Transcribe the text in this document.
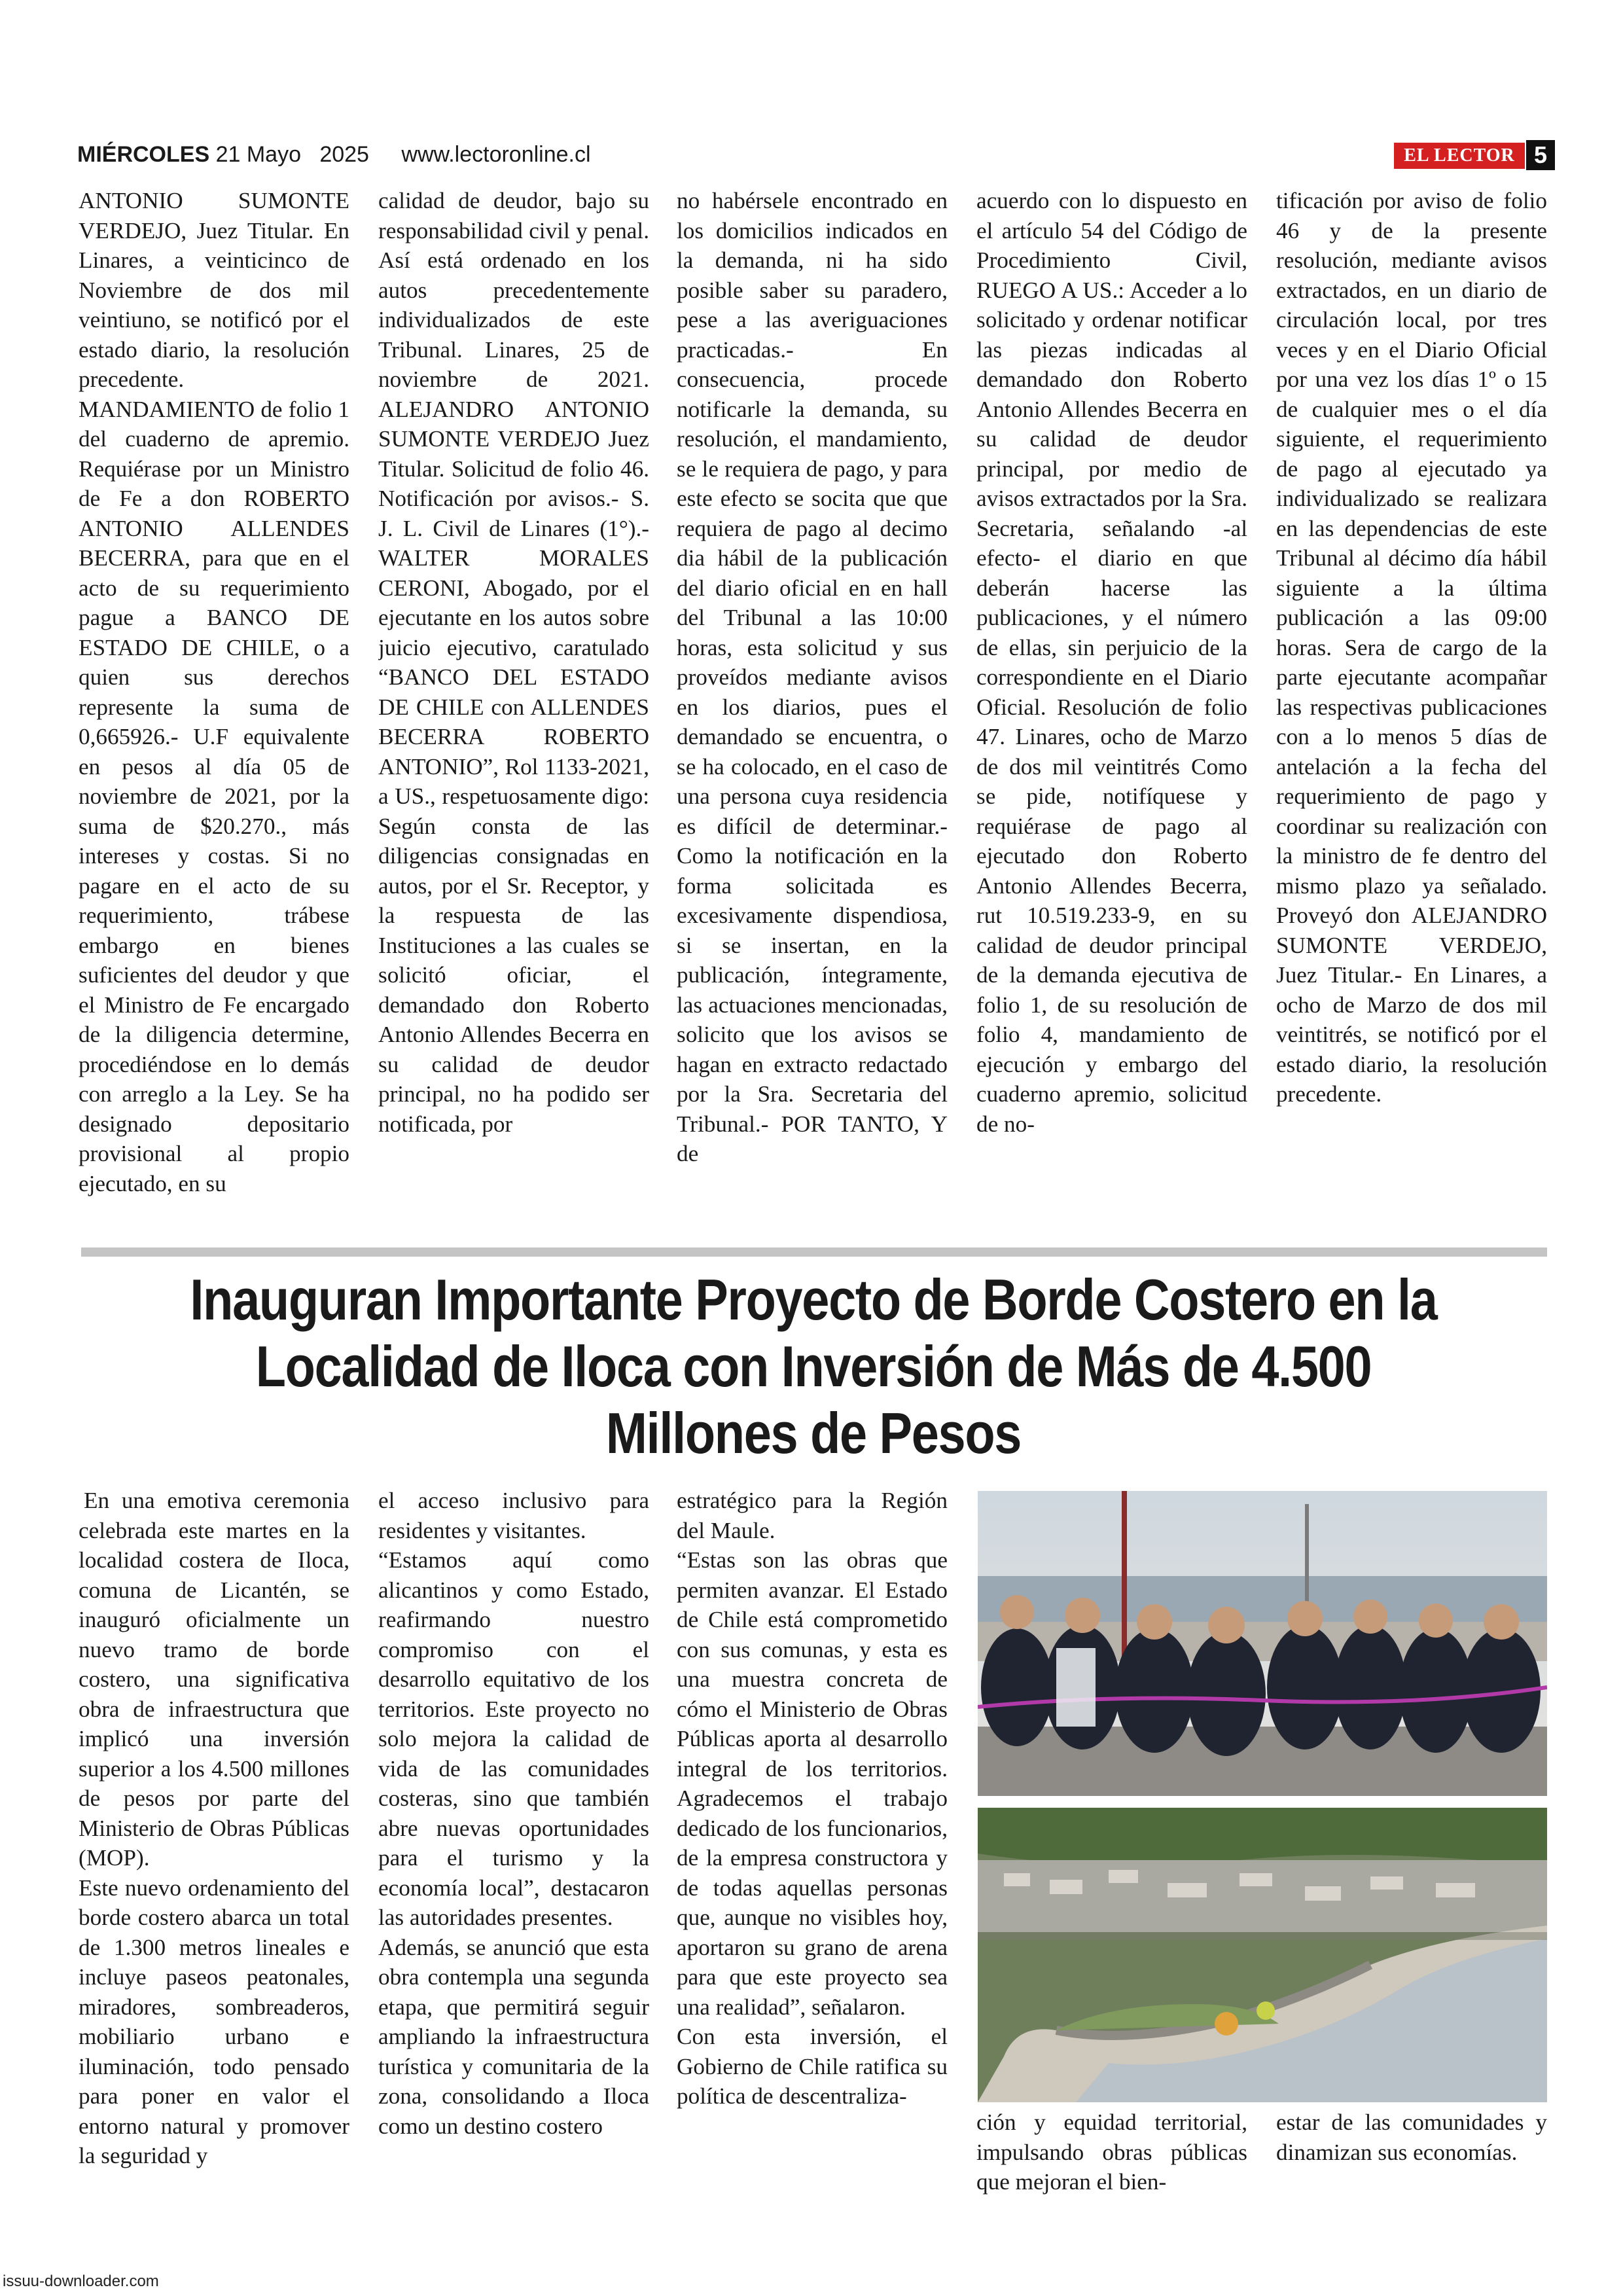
MIÉRCOLES 21 Mayo 2025 www.lectoronline.cl	EL LECTOR 5

ANTONIO SUMONTE VERDEJO, Juez Titular. En Linares, a veinticinco de Noviembre de dos mil veintiuno, se notificó por el estado diario, la resolución precedente. MANDAMIENTO de folio 1 del cuaderno de apremio. Requiérase por un Ministro de Fe a don ROBERTO ANTONIO ALLENDES BECERRA, para que en el acto de su requerimiento pague a BANCO DE ESTADO DE CHILE, o a quien sus derechos represente la suma de 0,665926.- U.F equivalente en pesos al día 05 de noviembre de 2021, por la suma de $20.270., más intereses y costas. Si no pagare en el acto de su requerimiento, trábese embargo en bienes suficientes del deudor y que el Ministro de Fe encargado de la diligencia determine, procediéndose en lo demás con arreglo a la Ley. Se ha designado depositario provisional al propio ejecutado, en su

calidad de deudor, bajo su responsabilidad civil y penal. Así está ordenado en los autos precedentemente individualizados de este Tribunal. Linares, 25 de noviembre de 2021. ALEJANDRO ANTONIO SUMONTE VERDEJO Juez Titular. Solicitud de folio 46. Notificación por avisos.- S. J. L. Civil de Linares (1°).- WALTER MORALES CERONI, Abogado, por el ejecutante en los autos sobre juicio ejecutivo, caratulado “BANCO DEL ESTADO DE CHILE con ALLENDES BECERRA ROBERTO ANTONIO”, Rol 1133-2021, a US., respetuosamente digo: Según consta de las diligencias consignadas en autos, por el Sr. Receptor, y la respuesta de las Instituciones a las cuales se solicitó oficiar, el demandado don Roberto Antonio Allendes Becerra en su calidad de deudor principal, no ha podido ser notificada, por

no habérsele encontrado en los domicilios indicados en la demanda, ni ha sido posible saber su paradero, pese a las averiguaciones practicadas.- En consecuencia, procede notificarle la demanda, su resolución, el mandamiento, se le requiera de pago, y para este efecto se socita que que requiera de pago al decimo dia hábil de la publicación del diario oficial en en hall del Tribunal a las 10:00 horas, esta solicitud y sus proveídos mediante avisos en los diarios, pues el demandado se encuentra, o se ha colocado, en el caso de una persona cuya residencia es difícil de determinar.- Como la notificación en la forma solicitada es excesivamente dispendiosa, si se insertan, en la publicación, íntegramente, las actuaciones mencionadas, solicito que los avisos se hagan en extracto redactado por la Sra. Secretaria del Tribunal.- POR TANTO, Y de

acuerdo con lo dispuesto en el artículo 54 del Código de Procedimiento Civil, RUEGO A US.: Acceder a lo solicitado y ordenar notificar las piezas indicadas al demandado don Roberto Antonio Allendes Becerra en su calidad de deudor principal, por medio de avisos extractados por la Sra. Secretaria, señalando -al efecto- el diario en que deberán hacerse las publicaciones, y el número de ellas, sin perjuicio de la correspondiente en el Diario Oficial. Resolución de folio 47. Linares, ocho de Marzo de dos mil veintitrés Como se pide, notifíquese y requiérase de pago al ejecutado don Roberto Antonio Allendes Becerra, rut 10.519.233-9, en su calidad de deudor principal de la demanda ejecutiva de folio 1, de su resolución de folio 4, mandamiento de ejecución y embargo del cuaderno apremio, solicitud de no-

tificación por aviso de folio 46 y de la presente resolución, mediante avisos extractados, en un diario de circulación local, por tres veces y en el Diario Oficial por una vez los días 1º o 15 de cualquier mes o el día siguiente, el requerimiento de pago al ejecutado ya individualizado se realizara en las dependencias de este Tribunal al décimo día hábil siguiente a la última publicación a las 09:00 horas. Sera de cargo de la parte ejecutante acompañar las respectivas publicaciones con a lo menos 5 días de antelación a la fecha del requerimiento de pago y coordinar su realización con la ministro de fe dentro del mismo plazo ya señalado. Proveyó don ALEJANDRO SUMONTE VERDEJO, Juez Titular.- En Linares, a ocho de Marzo de dos mil veintitrés, se notificó por el estado diario, la resolución precedente.

Inauguran Importante Proyecto de Borde Costero en la Localidad de Iloca con Inversión de Más de 4.500 Millones de Pesos

En una emotiva ceremonia celebrada este martes en la localidad costera de Iloca, comuna de Licantén, se inauguró oficialmente un nuevo tramo de borde costero, una significativa obra de infraestructura que implicó una inversión superior a los 4.500 millones de pesos por parte del Ministerio de Obras Públicas (MOP).

Este nuevo ordenamiento del borde costero abarca un total de 1.300 metros lineales e incluye paseos peatonales, miradores, sombreaderos, mobiliario urbano e iluminación, todo pensado para poner en valor el entorno natural y promover la seguridad y

el acceso inclusivo para residentes y visitantes.

“Estamos aquí como alicantinos y como Estado, reafirmando nuestro compromiso con el desarrollo equitativo de los territorios. Este proyecto no solo mejora la calidad de vida de las comunidades costeras, sino que también abre nuevas oportunidades para el turismo y la economía local”, destacaron las autoridades presentes.

Además, se anunció que esta obra contempla una segunda etapa, que permitirá seguir ampliando la infraestructura turística y comunitaria de la zona, consolidando a Iloca como un destino costero

estratégico para la Región del Maule.

“Estas son las obras que permiten avanzar. El Estado de Chile está comprometido con sus comunas, y esta es una muestra concreta de cómo el Ministerio de Obras Públicas aporta al desarrollo integral de los territorios. Agradecemos el trabajo dedicado de los funcionarios, de la empresa constructora y de todas aquellas personas que, aunque no visibles hoy, aportaron su grano de arena para que este proyecto sea una realidad”, señalaron.

Con esta inversión, el Gobierno de Chile ratifica su política de descentraliza-

ción y equidad territorial, impulsando obras públicas que mejoran el bien-

estar de las comunidades y dinamizan sus economías.

issuu-downloader.com
